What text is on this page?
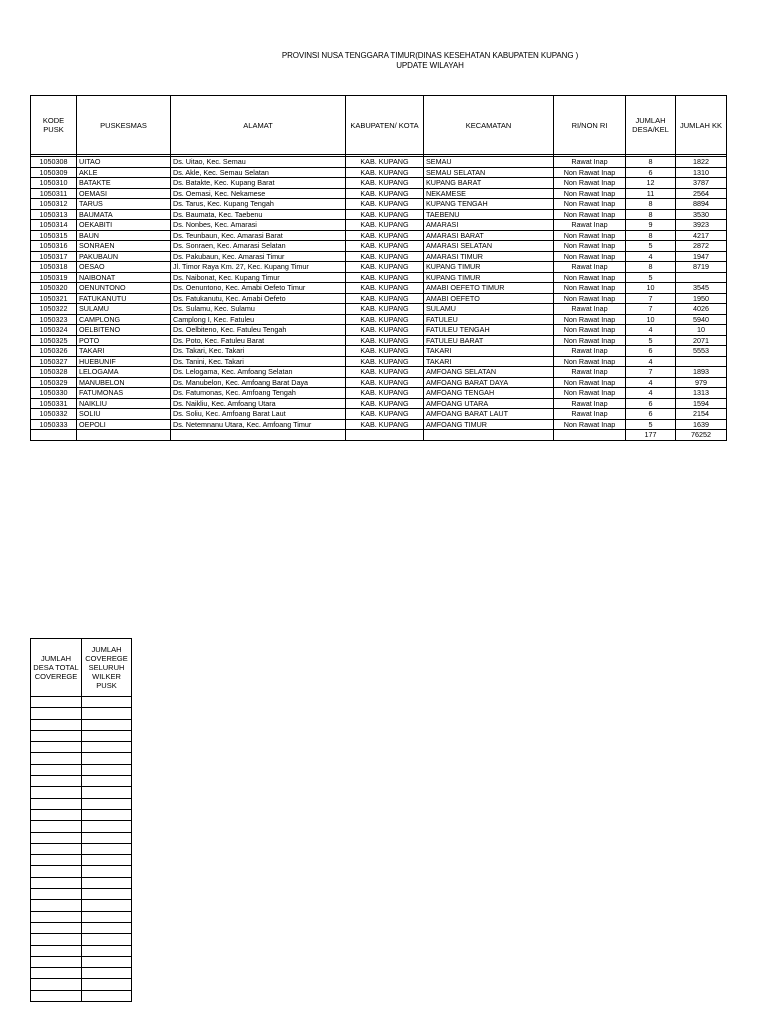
PROVINSI NUSA TENGGARA TIMUR(DINAS KESEHATAN KABUPATEN KUPANG )
UPDATE WILAYAH
KODE PUSK	PUSKESMAS	ALAMAT	KABUPATEN/ KOTA	KECAMATAN	RI/NON RI	JUMLAH DESA/KEL	JUMLAH KK

1050308	UITAO	Ds. Uitao, Kec. Semau	KAB. KUPANG	SEMAU	Rawat Inap	8	1822
1050309	AKLE	Ds. Akle, Kec. Semau Selatan	KAB. KUPANG	SEMAU SELATAN	Non Rawat Inap	6	1310
1050310	BATAKTE	Ds. Batakte, Kec. Kupang Barat	KAB. KUPANG	KUPANG BARAT	Non Rawat Inap	12	3787
1050311	OEMASI	Ds. Oemasi, Kec. Nekamese	KAB. KUPANG	NEKAMESE	Non Rawat Inap	11	2564
1050312	TARUS	Ds. Tarus, Kec. Kupang Tengah	KAB. KUPANG	KUPANG TENGAH	Non Rawat Inap	8	8894
1050313	BAUMATA	Ds. Baumata, Kec. Taebenu	KAB. KUPANG	TAEBENU	Non Rawat Inap	8	3530
1050314	OEKABITI	Ds. Nonbes, Kec. Amarasi	KAB. KUPANG	AMARASI	Rawat Inap	9	3923
1050315	BAUN	Ds. Teunbaun, Kec. Amarasi Barat	KAB. KUPANG	AMARASI BARAT	Non Rawat Inap	8	4217
1050316	SONRAEN	Ds. Sonraen, Kec. Amarasi Selatan	KAB. KUPANG	AMARASI SELATAN	Non Rawat Inap	5	2872
1050317	PAKUBAUN	Ds. Pakubaun, Kec. Amarasi Timur	KAB. KUPANG	AMARASI TIMUR	Non Rawat Inap	4	1947
1050318	OESAO	Jl. Timor Raya Km. 27, Kec. Kupang Timur	KAB. KUPANG	KUPANG TIMUR	Rawat Inap	8	8719
1050319	NAIBONAT	Ds. Naibonat, Kec. Kupang Timur	KAB. KUPANG	KUPANG TIMUR	Non Rawat Inap	5	
1050320	OENUNTONO	Ds. Oenuntono, Kec. Amabi Oefeto Timur	KAB. KUPANG	AMABI OEFETO TIMUR	Non Rawat Inap	10	3545
1050321	FATUKANUTU	Ds. Fatukanutu, Kec. Amabi Oefeto	KAB. KUPANG	AMABI OEFETO	Non Rawat Inap	7	1950
1050322	SULAMU	Ds. Sulamu, Kec. Sulamu	KAB. KUPANG	SULAMU	Rawat Inap	7	4026
1050323	CAMPLONG	Camplong I, Kec. Fatuleu	KAB. KUPANG	FATULEU	Non Rawat Inap	10	5940
1050324	OELBITENO	Ds. Oelbiteno, Kec. Fatuleu Tengah	KAB. KUPANG	FATULEU TENGAH	Non Rawat Inap	4	10
1050325	POTO	Ds. Poto, Kec. Fatuleu Barat	KAB. KUPANG	FATULEU BARAT	Non Rawat Inap	5	2071
1050326	TAKARI	Ds. Takari, Kec. Takari	KAB. KUPANG	TAKARI	Rawat Inap	6	5553
1050327	HUEBUNIF	Ds. Tanini, Kec. Takari	KAB. KUPANG	TAKARI	Non Rawat Inap	4	
1050328	LELOGAMA	Ds. Lelogama, Kec. Amfoang Selatan	KAB. KUPANG	AMFOANG SELATAN	Rawat Inap	7	1893
1050329	MANUBELON	Ds. Manubelon, Kec. Amfoang Barat Daya	KAB. KUPANG	AMFOANG BARAT DAYA	Non Rawat Inap	4	979
1050330	FATUMONAS	Ds. Fatumonas, Kec. Amfoang Tengah	KAB. KUPANG	AMFOANG TENGAH	Non Rawat Inap	4	1313
1050331	NAIKLIU	Ds. Naikliu, Kec. Amfoang Utara	KAB. KUPANG	AMFOANG UTARA	Rawat Inap	6	1594
1050332	SOLIU	Ds. Soliu, Kec. Amfoang Barat Laut	KAB. KUPANG	AMFOANG BARAT LAUT	Rawat Inap	6	2154
1050333	OEPOLI	Ds. Netemnanu Utara, Kec. Amfoang Timur	KAB. KUPANG	AMFOANG TIMUR	Non Rawat Inap	5	1639
						177	76252
JUMLAH DESA TOTAL COVEREGE	JUMLAH COVEREGE SELURUH WILKER PUSK
